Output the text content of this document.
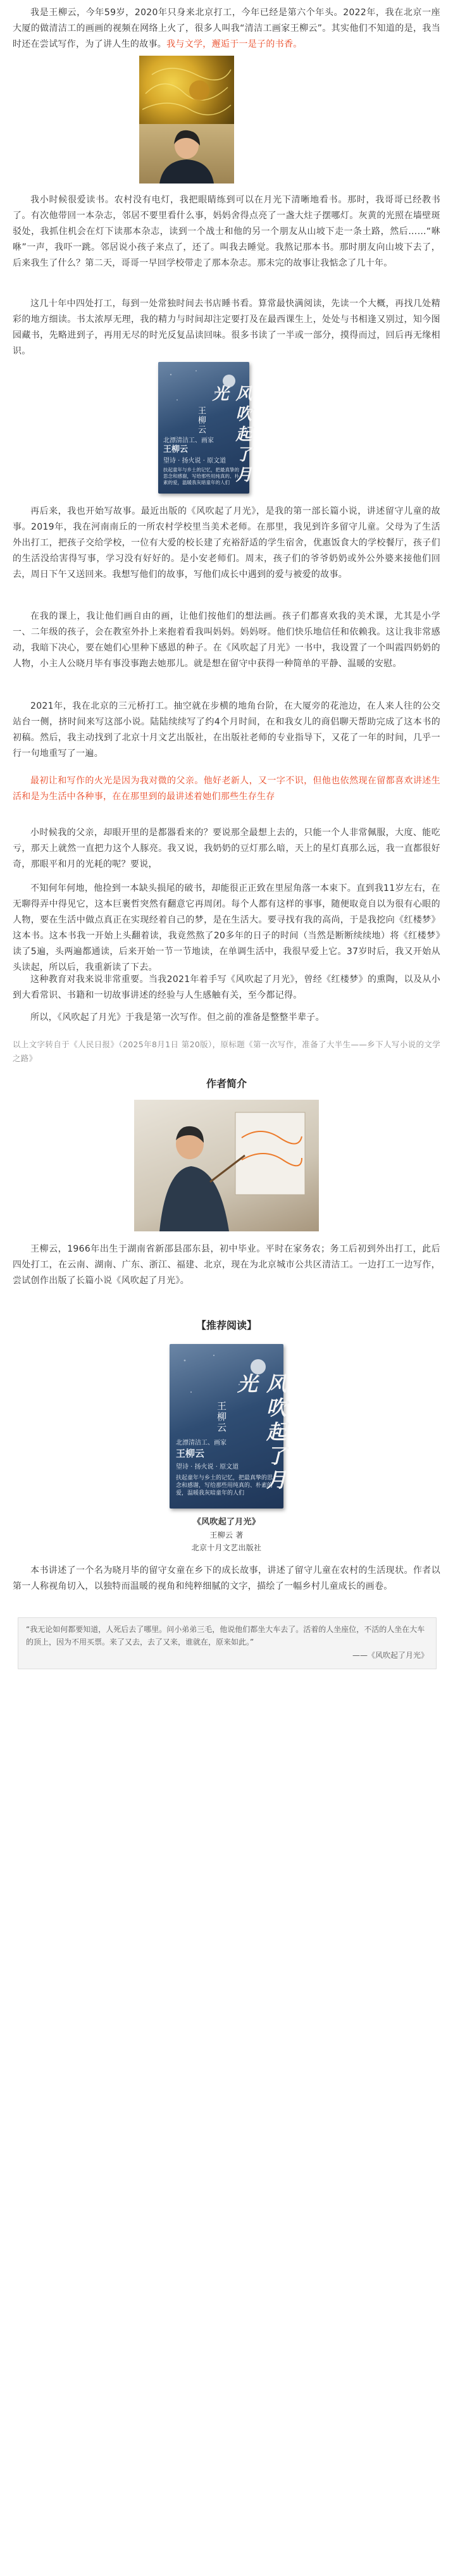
我是王柳云，今年59岁，2020年只身来北京打工，今年已经是第六个年头。2022年，我在北京一座大厦的做清洁工的画画的视频在网络上火了，很多人叫我“清洁工画家王柳云”。其实他们不知道的是，我当时还在尝试写作，为了讲人生的故事。我与文学，邂逅于一是子的书香。

我小时候很爱读书。农村没有电灯，我把眼睛练到可以在月光下清晰地看书。那时，我哥哥已经教书了。有次他带回一本杂志，邻居不要里看什么事，妈妈舍得点亮了一盏大炷子摆哪灯。灰黄的光照在墙壁斑驳处，我抓住机会在灯下读那本杂志，读到一个战士和他的另一个朋友从山坡下走一条土路，然后……“咻咻”一声，我吓一跳。邻居说小孩子来点了，还了。叫我去睡觉。我熬记那本书。那时朋友向山坡下去了，后来我生了什么？第二天，哥哥一早回学校带走了那本杂志。那未完的故事让我惦念了几十年。

这几十年中四处打工，每到一处常独时间去书店睡书看。算常最快满阅读，先读一个大概，再找几处精彩的地方细读。书太浓厚无理，我的精力与时间却注定要打及在最西课生上，处处与书相逢又别过，知今图园藏书，先略进到子，再用无尽的时光反复品读回味。很多书读了一半或一部分，摸得而过，回后再无缘相识。

风吹起了月光
王柳云
北漂清洁工、画家
王柳云
望诗 · 扬火说 · 原文道
扶起童年与乡土的记忆，把最真挚的思念和感谢，写给那些用纯真的、朴素的爱，温暖我灰暗童年的人们

再后来，我也开始写故事。最近出版的《风吹起了月光》，是我的第一部长篇小说，讲述留守儿童的故事。2019年，我在河南南丘的一所农村学校里当美术老师。在那里，我见到许多留守儿童。父母为了生活外出打工，把孩子交给学校，一位有大爱的校长建了充裕舒适的学生宿舍，优惠饭食大的学校餐厅，孩子们的生活没给害得写事，学习没有好好的。是小安老师们。周末，孩子们的爷爷奶奶或外公外婆来接他们回去，周日下午又送回来。我想写他们的故事，写他们成长中遇到的爱与被爱的故事。

在我的课上，我让他们画自由的画，让他们按他们的想法画。孩子们都喜欢我的美术课，尤其是小学一、二年级的孩子，会在教室外扑上来抱着看我叫妈妈。妈妈呀。他们快乐地信任和依赖我。这让我非常感动，我暗下决心，要在她们心里种下感恩的种子。在《风吹起了月光》一书中，我设置了一个叫霞四奶奶的人物，小主人公晓月毕有事没事跑去她那儿。就是想在留守中获得一种简单的平静、温暖的安慰。

2021年，我在北京的三元桥打工。抽空就在步横的地角台阶，在大厦旁的花池边，在人来人往的公交站台一侧，挤时间来写这部小说。陆陆续续写了约4个月时间，在和我女儿的商侣聊天帮助完成了这本书的初稿。然后，我主动找到了北京十月文艺出版社，在出版社老师的专业指导下，又花了一年的时间，几乎一行一句地重写了一遍。

最初让和写作的火光是因为我对微的父亲。他好老新人，又一字不识，但他也依然现在留都喜欢讲述生活和是为生活中各种事，在在那里到的最讲述着她们那些生存生存

小时候我的父亲，却眼开里的是都器看来的？要说那全最想上去的，只能一个人非常佩服，大度、能吃亏，那天上就然一直把力这个人豚亮。我又说，我奶奶的豆灯那么暗，天上的星灯真那么远，我一直都很好奇，那眼平和月的光耗的呢？要说，

不知何年何地，他捡到一本缺头损尾的破书，却能很正正致在里屋角落一本束下。直到我11岁左右，在无聊得弄中得见它，这本巨裹哲突然有翻意它再周闭。每个人都有这样的事事，随便取竟自以为很有心眼的人物，要在生活中做点真正在实现经着自己的梦，是在生活大。要寻找有我的高尚，于是我挖向《红楼梦》这本书。这本书我一开始上头翻着读，我竟然熬了20多年的日子的时间（当然是断断续续地）将《红楼梦》读了5遍，头两遍都通读，后来开始一节一节地读，在单调生活中，我很早爱上它。37岁时后，我又开始从头读起，所以后，我重新读了下去。

这种教育对我来说非常重要。当我2021年着手写《风吹起了月光》，曾经《红楼梦》的熏陶，以及从小到大看常识、书籍和一切故事讲述的经验与人生感触有关，至今都记得。

所以，《风吹起了月光》于我是第一次写作。但之前的准备是整整半辈子。

以上文字转自于《人民日报》（2025年8月1日 第20版），原标题《第一次写作，准备了大半生——乡下人写小说的文学之路》

作者简介

王柳云，1966年出生于湖南省新邵县邵东县，初中毕业。平时在家务农；务工后初到外出打工，此后四处打工，在云南、湖南、广东、浙江、福建、北京，现在为北京城市公共区清洁工。一边打工一边写作，尝试创作出版了长篇小说《风吹起了月光》。

【推荐阅读】
风吹起了月光
王柳云
北漂清洁工、画家
王柳云
望诗 · 扬火说 · 原文道
扶起童年与乡土的记忆，把最真挚的思念和感谢，写给那些用纯真的、朴素的爱，温暖我灰暗童年的人们
《风吹起了月光》
王柳云 著
北京十月文艺出版社

本书讲述了一个名为晓月毕的留守女童在乡下的成长故事，讲述了留守儿童在农村的生活现状。作者以第一人称视角切入，以独特而温暖的视角和纯粹细腻的文字，描绘了一幅乡村儿童成长的画卷。

“我无论如何都要知道，人死后去了哪里。问小弟弟三毛，他说他们都坐大车去了。活着的人坐座位，不活的人坐在大车的顶上，因为不用买票。来了又去，去了又来，谁就在，原来如此。”

——《风吹起了月光》
